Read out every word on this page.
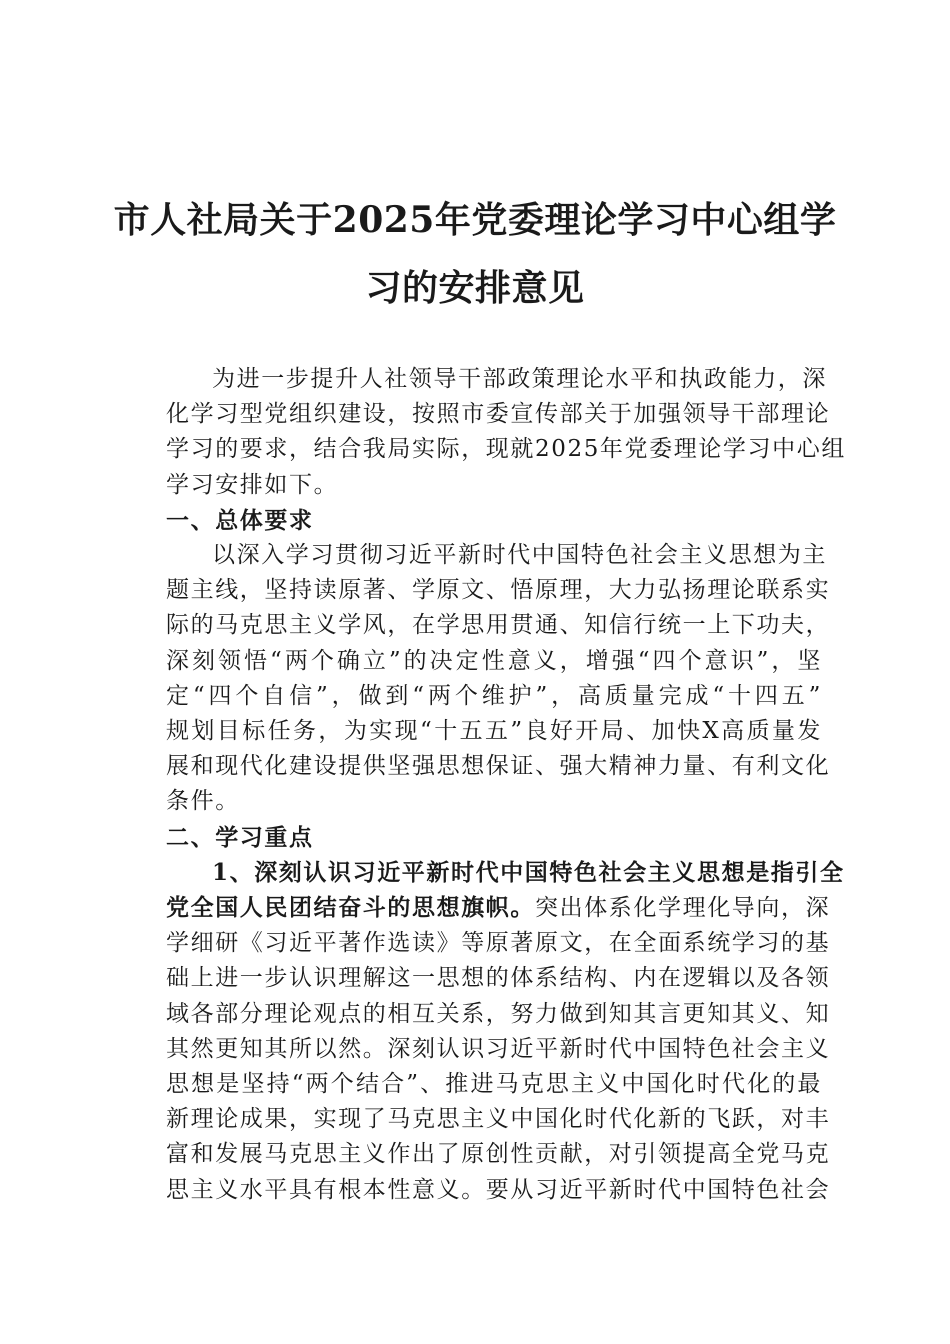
市人社局关于2025年党委理论学习中心组学
习的安排意见
为进一步提升人社领导干部政策理论水平和执政能力，深
化学习型党组织建设，按照市委宣传部关于加强领导干部理论
学习的要求，结合我局实际，现就2025年党委理论学习中心组
学习安排如下。
一、总体要求
以深入学习贯彻习近平新时代中国特色社会主义思想为主
题主线，坚持读原著、学原文、悟原理，大力弘扬理论联系实
际的马克思主义学风，在学思用贯通、知信行统一上下功夫，
深刻领悟“两个确立”的决定性意义，增强“四个意识”，坚
定“四个自信”，做到“两个维护”，高质量完成“十四五”
规划目标任务，为实现“十五五”良好开局、加快X高质量发
展和现代化建设提供坚强思想保证、强大精神力量、有利文化
条件。
二、学习重点
1、深刻认识习近平新时代中国特色社会主义思想是指引全
党全国人民团结奋斗的思想旗帜。突出体系化学理化导向，深
学细研《习近平著作选读》等原著原文，在全面系统学习的基
础上进一步认识理解这一思想的体系结构、内在逻辑以及各领
域各部分理论观点的相互关系，努力做到知其言更知其义、知
其然更知其所以然。深刻认识习近平新时代中国特色社会主义
思想是坚持“两个结合”、推进马克思主义中国化时代化的最
新理论成果，实现了马克思主义中国化时代化新的飞跃，对丰
富和发展马克思主义作出了原创性贡献，对引领提高全党马克
思主义水平具有根本性意义。要从习近平新时代中国特色社会
